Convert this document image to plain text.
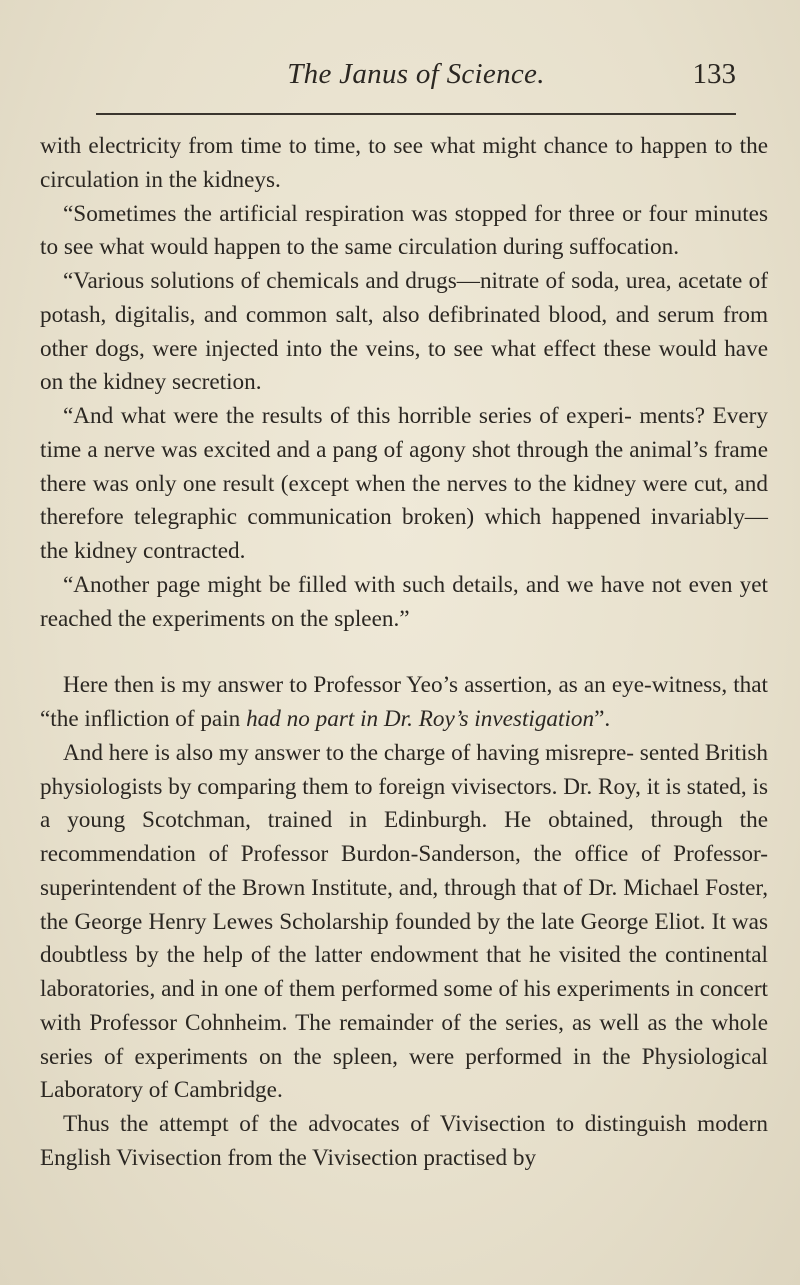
The Janus of Science.	133

with electricity from time to time, to see what might chance to happen to the circulation in the kidneys.

“Sometimes the artificial respiration was stopped for three or four minutes to see what would happen to the same circulation during suffocation.

“Various solutions of chemicals and drugs—nitrate of soda, urea, acetate of potash, digitalis, and common salt, also defibrinated blood, and serum from other dogs, were injected into the veins, to see what effect these would have on the kidney secretion.

“And what were the results of this horrible series of experi- ments? Every time a nerve was excited and a pang of agony shot through the animal’s frame there was only one result (except when the nerves to the kidney were cut, and therefore telegraphic communication broken) which happened invariably—the kidney contracted.

“Another page might be filled with such details, and we have not even yet reached the experiments on the spleen.”

Here then is my answer to Professor Yeo’s assertion, as an eye-witness, that “the infliction of pain had no part in Dr. Roy’s investigation”.

And here is also my answer to the charge of having misrepre- sented British physiologists by comparing them to foreign vivisectors. Dr. Roy, it is stated, is a young Scotchman, trained in Edinburgh. He obtained, through the recommendation of Professor Burdon-Sanderson, the office of Professor-superintendent of the Brown Institute, and, through that of Dr. Michael Foster, the George Henry Lewes Scholarship founded by the late George Eliot. It was doubtless by the help of the latter endowment that he visited the continental laboratories, and in one of them performed some of his experiments in concert with Professor Cohnheim. The remainder of the series, as well as the whole series of experiments on the spleen, were performed in the Physiological Laboratory of Cambridge.

Thus the attempt of the advocates of Vivisection to distinguish modern English Vivisection from the Vivisection practised by
